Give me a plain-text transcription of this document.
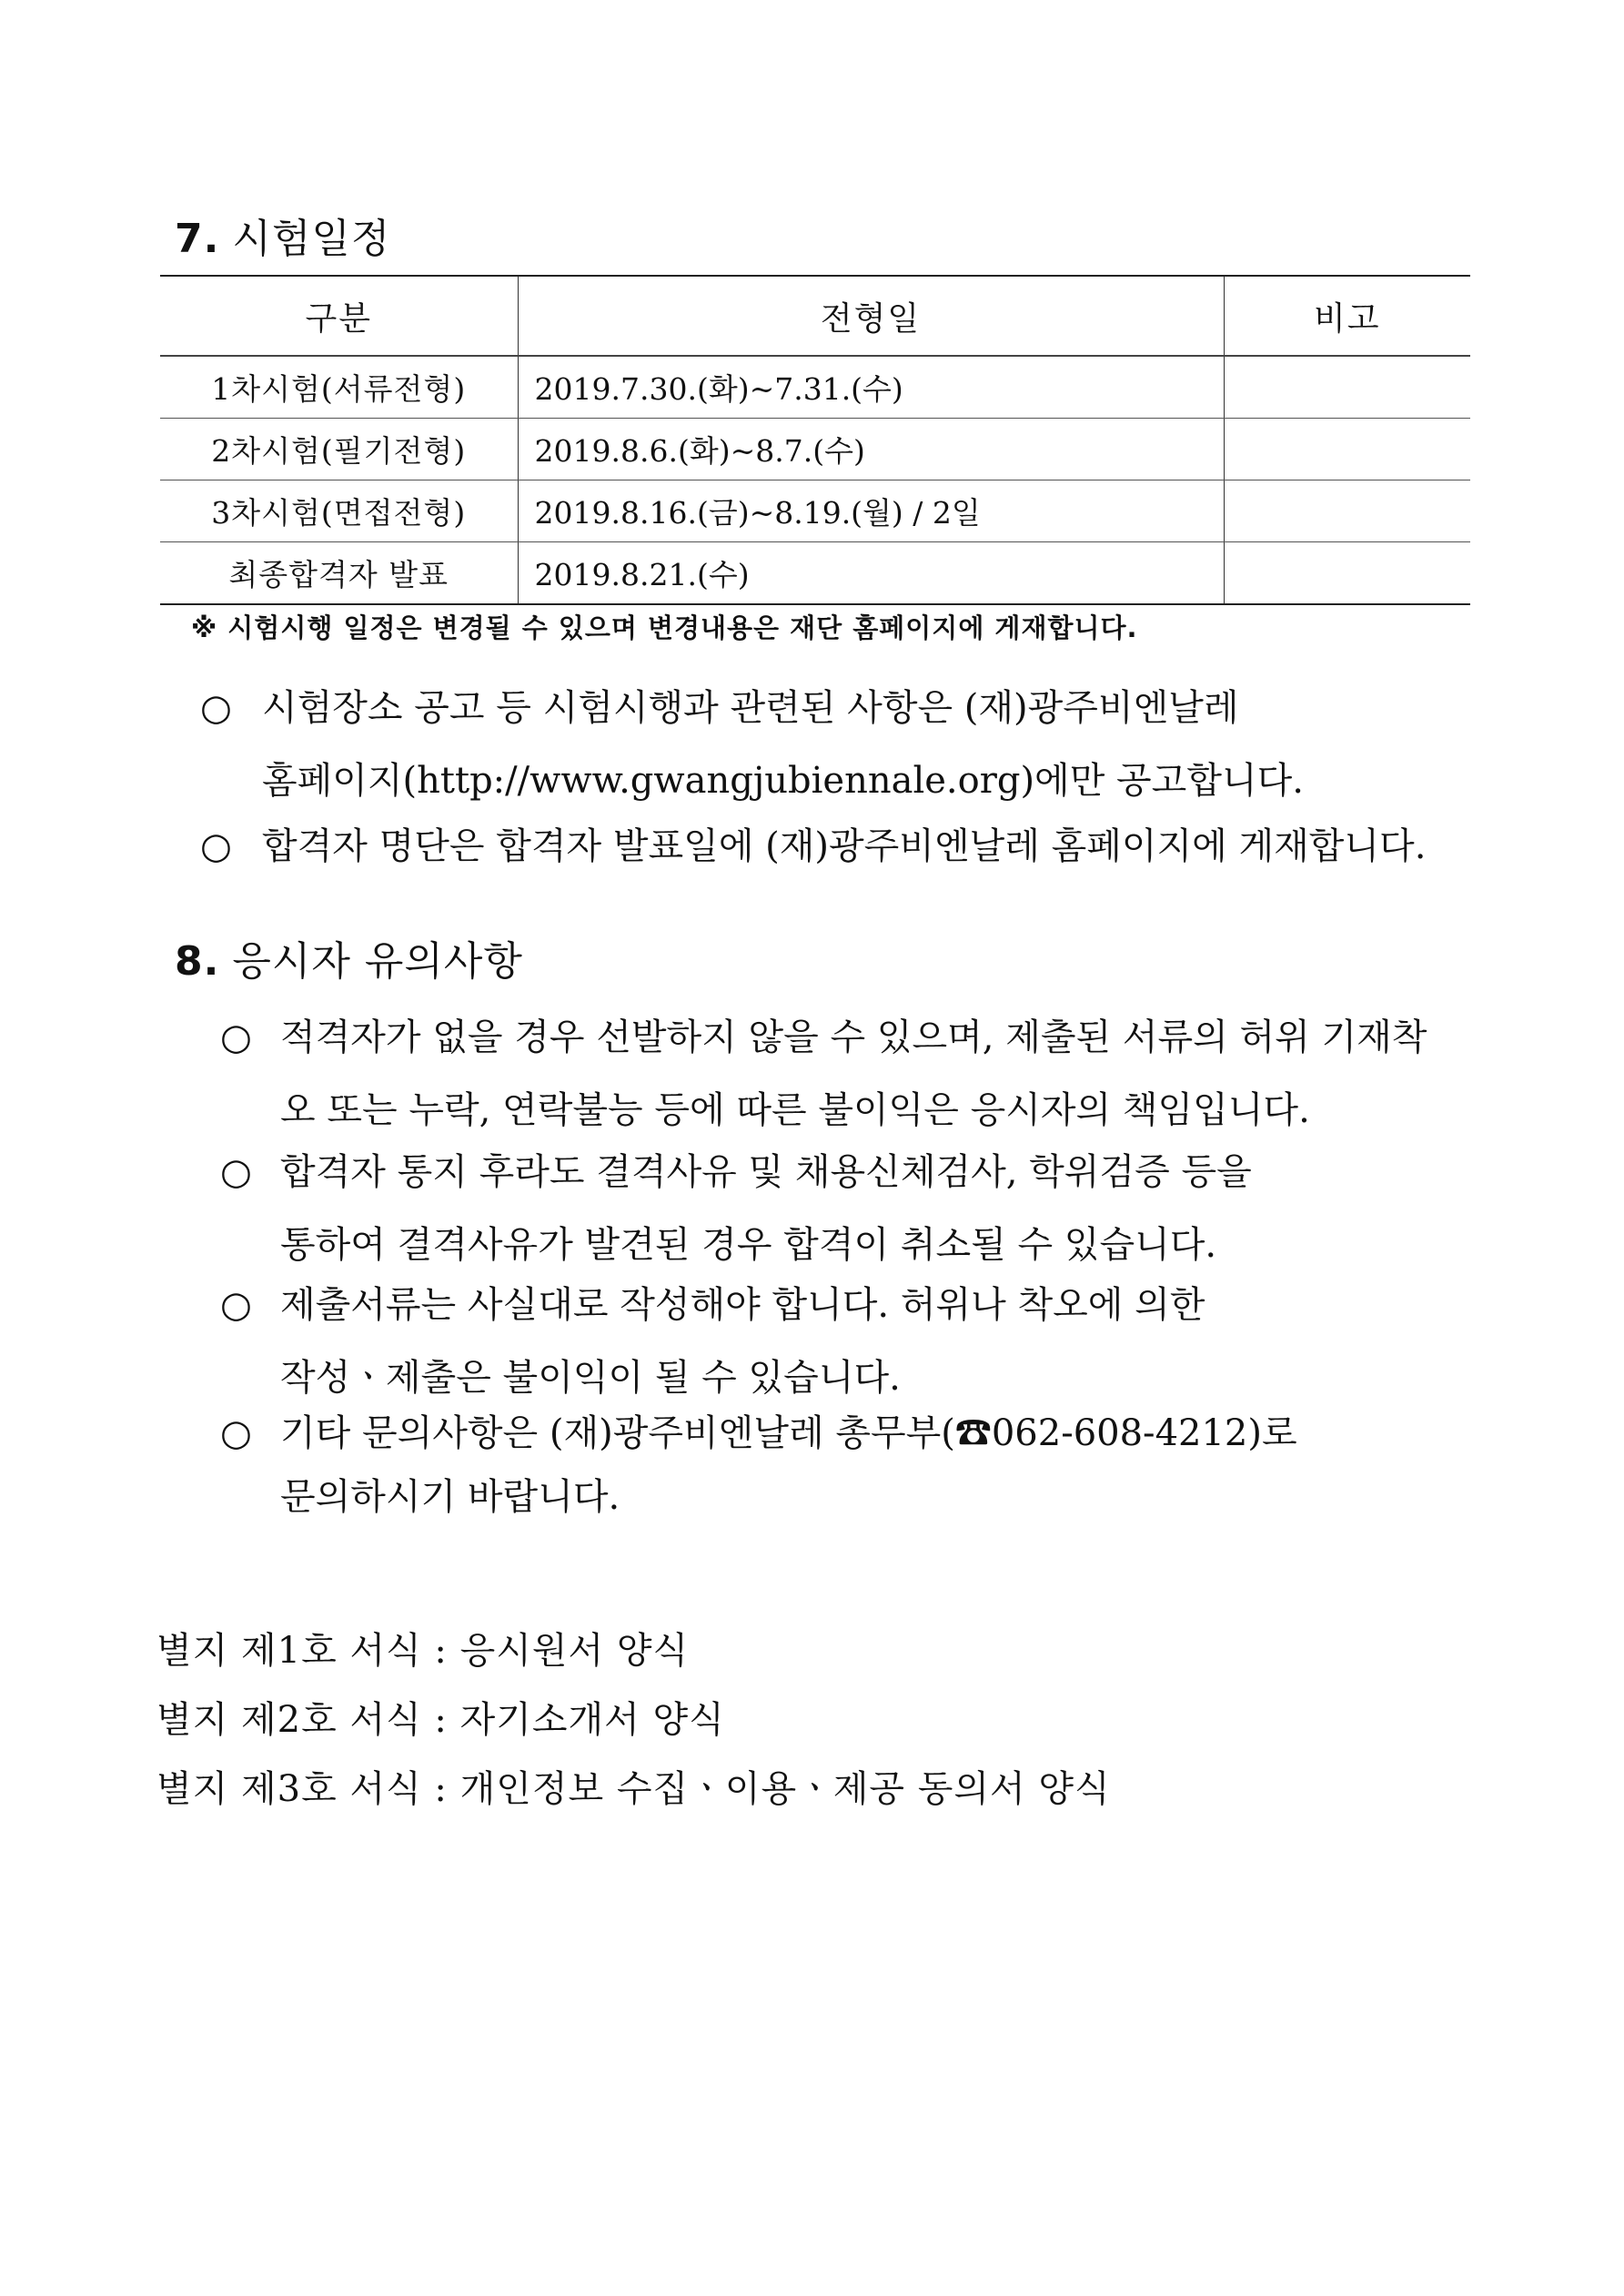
7. 시험일정
구분	전형일	비고
1차시험(서류전형)	2019.7.30.(화)~7.31.(수)	
2차시험(필기전형)	2019.8.6.(화)~8.7.(수)	
3차시험(면접전형)	2019.8.16.(금)~8.19.(월) / 2일	
최종합격자 발표	2019.8.21.(수)	
※ 시험시행 일정은 변경될 수 있으며 변경내용은 재단 홈페이지에 게재합니다.
○ 시험장소 공고 등 시험시행과 관련된 사항은 (재)광주비엔날레
홈페이지(http://www.gwangjubiennale.org)에만 공고합니다.
○ 합격자 명단은 합격자 발표일에 (재)광주비엔날레 홈페이지에 게재합니다.
8. 응시자 유의사항
○ 적격자가 없을 경우 선발하지 않을 수 있으며, 제출된 서류의 허위 기재착
오 또는 누락, 연락불능 등에 따른 불이익은 응시자의 책임입니다.
○ 합격자 통지 후라도 결격사유 및 채용신체검사, 학위검증 등을
통하여 결격사유가 발견된 경우 합격이 취소될 수 있습니다.
○ 제출서류는 사실대로 작성해야 합니다. 허위나 착오에 의한
작성ㆍ제출은 불이익이 될 수 있습니다.
○ 기타 문의사항은 (재)광주비엔날레 총무부(☎062-608-4212)로
문의하시기 바랍니다.
별지 제1호 서식 : 응시원서 양식
별지 제2호 서식 : 자기소개서 양식
별지 제3호 서식 : 개인정보 수집ㆍ이용ㆍ제공 동의서 양식
